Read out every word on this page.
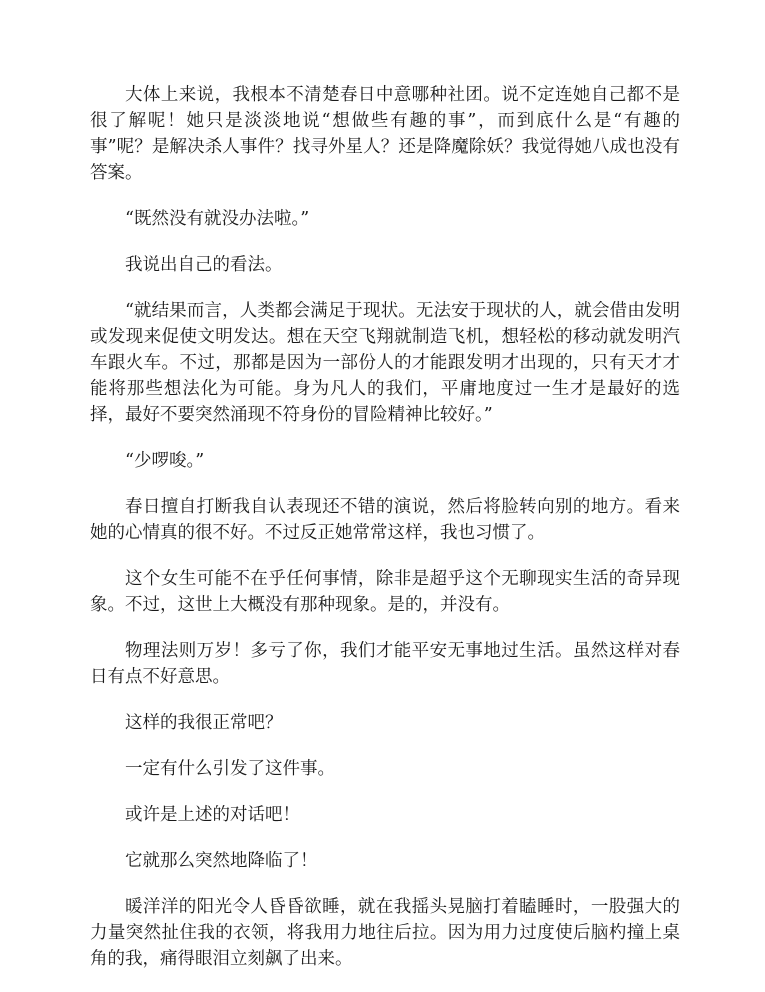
大体上来说，我根本不清楚春日中意哪种社团。说不定连她自己都不是很了解呢！她只是淡淡地说“想做些有趣的事”，而到底什么是“有趣的事”呢？是解决杀人事件？找寻外星人？还是降魔除妖？我觉得她八成也没有答案。

“既然没有就没办法啦。”

我说出自己的看法。

“就结果而言，人类都会满足于现状。无法安于现状的人，就会借由发明或发现来促使文明发达。想在天空飞翔就制造飞机，想轻松的移动就发明汽车跟火车。不过，那都是因为一部份人的才能跟发明才出现的，只有天才才能将那些想法化为可能。身为凡人的我们，平庸地度过一生才是最好的选择，最好不要突然涌现不符身份的冒险精神比较好。”

“少啰唆。”

春日擅自打断我自认表现还不错的演说，然后将脸转向别的地方。看来她的心情真的很不好。不过反正她常常这样，我也习惯了。

这个女生可能不在乎任何事情，除非是超乎这个无聊现实生活的奇异现象。不过，这世上大概没有那种现象。是的，并没有。

物理法则万岁！多亏了你，我们才能平安无事地过生活。虽然这样对春日有点不好意思。

这样的我很正常吧？

一定有什么引发了这件事。

或许是上述的对话吧！

它就那么突然地降临了！

暖洋洋的阳光令人昏昏欲睡，就在我摇头晃脑打着瞌睡时，一股强大的力量突然扯住我的衣领，将我用力地往后拉。因为用力过度使后脑杓撞上桌角的我，痛得眼泪立刻飙了出来。
